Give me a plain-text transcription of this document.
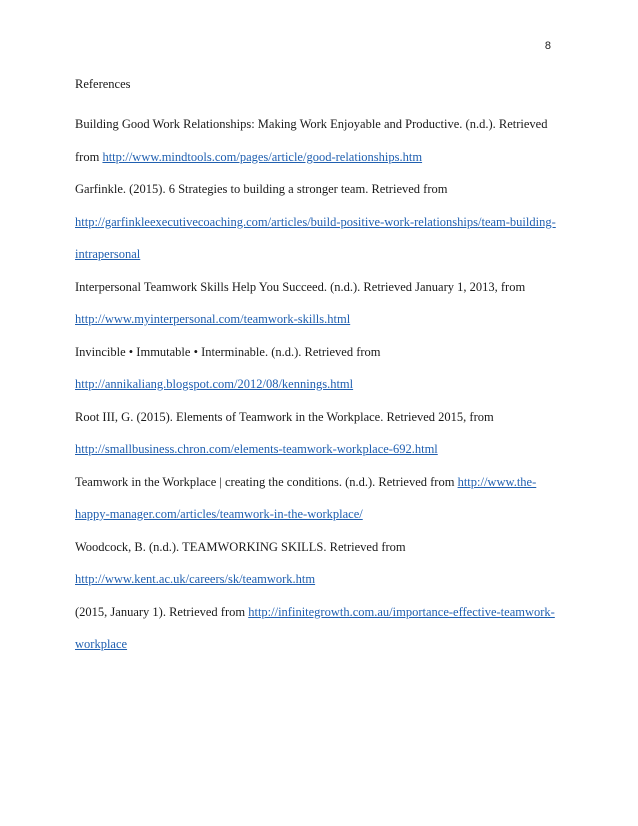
8
References

Building Good Work Relationships: Making Work Enjoyable and Productive. (n.d.). Retrieved from http://www.mindtools.com/pages/article/good-relationships.htm

Garfinkle. (2015). 6 Strategies to building a stronger team. Retrieved from
http://garfinkleexecutivecoaching.com/articles/build-positive-work-relationships/team-building-intrapersonal

Interpersonal Teamwork Skills Help You Succeed. (n.d.). Retrieved January 1, 2013, from
http://www.myinterpersonal.com/teamwork-skills.html

Invincible • Immutable • Interminable. (n.d.). Retrieved from
http://annikaliang.blogspot.com/2012/08/kennings.html

Root III, G. (2015). Elements of Teamwork in the Workplace. Retrieved 2015, from
http://smallbusiness.chron.com/elements-teamwork-workplace-692.html

Teamwork in the Workplace | creating the conditions. (n.d.). Retrieved from http://www.the-happy-manager.com/articles/teamwork-in-the-workplace/

Woodcock, B. (n.d.). TEAMWORKING SKILLS. Retrieved from
http://www.kent.ac.uk/careers/sk/teamwork.htm

(2015, January 1). Retrieved from http://infinitegrowth.com.au/importance-effective-teamwork-workplace
